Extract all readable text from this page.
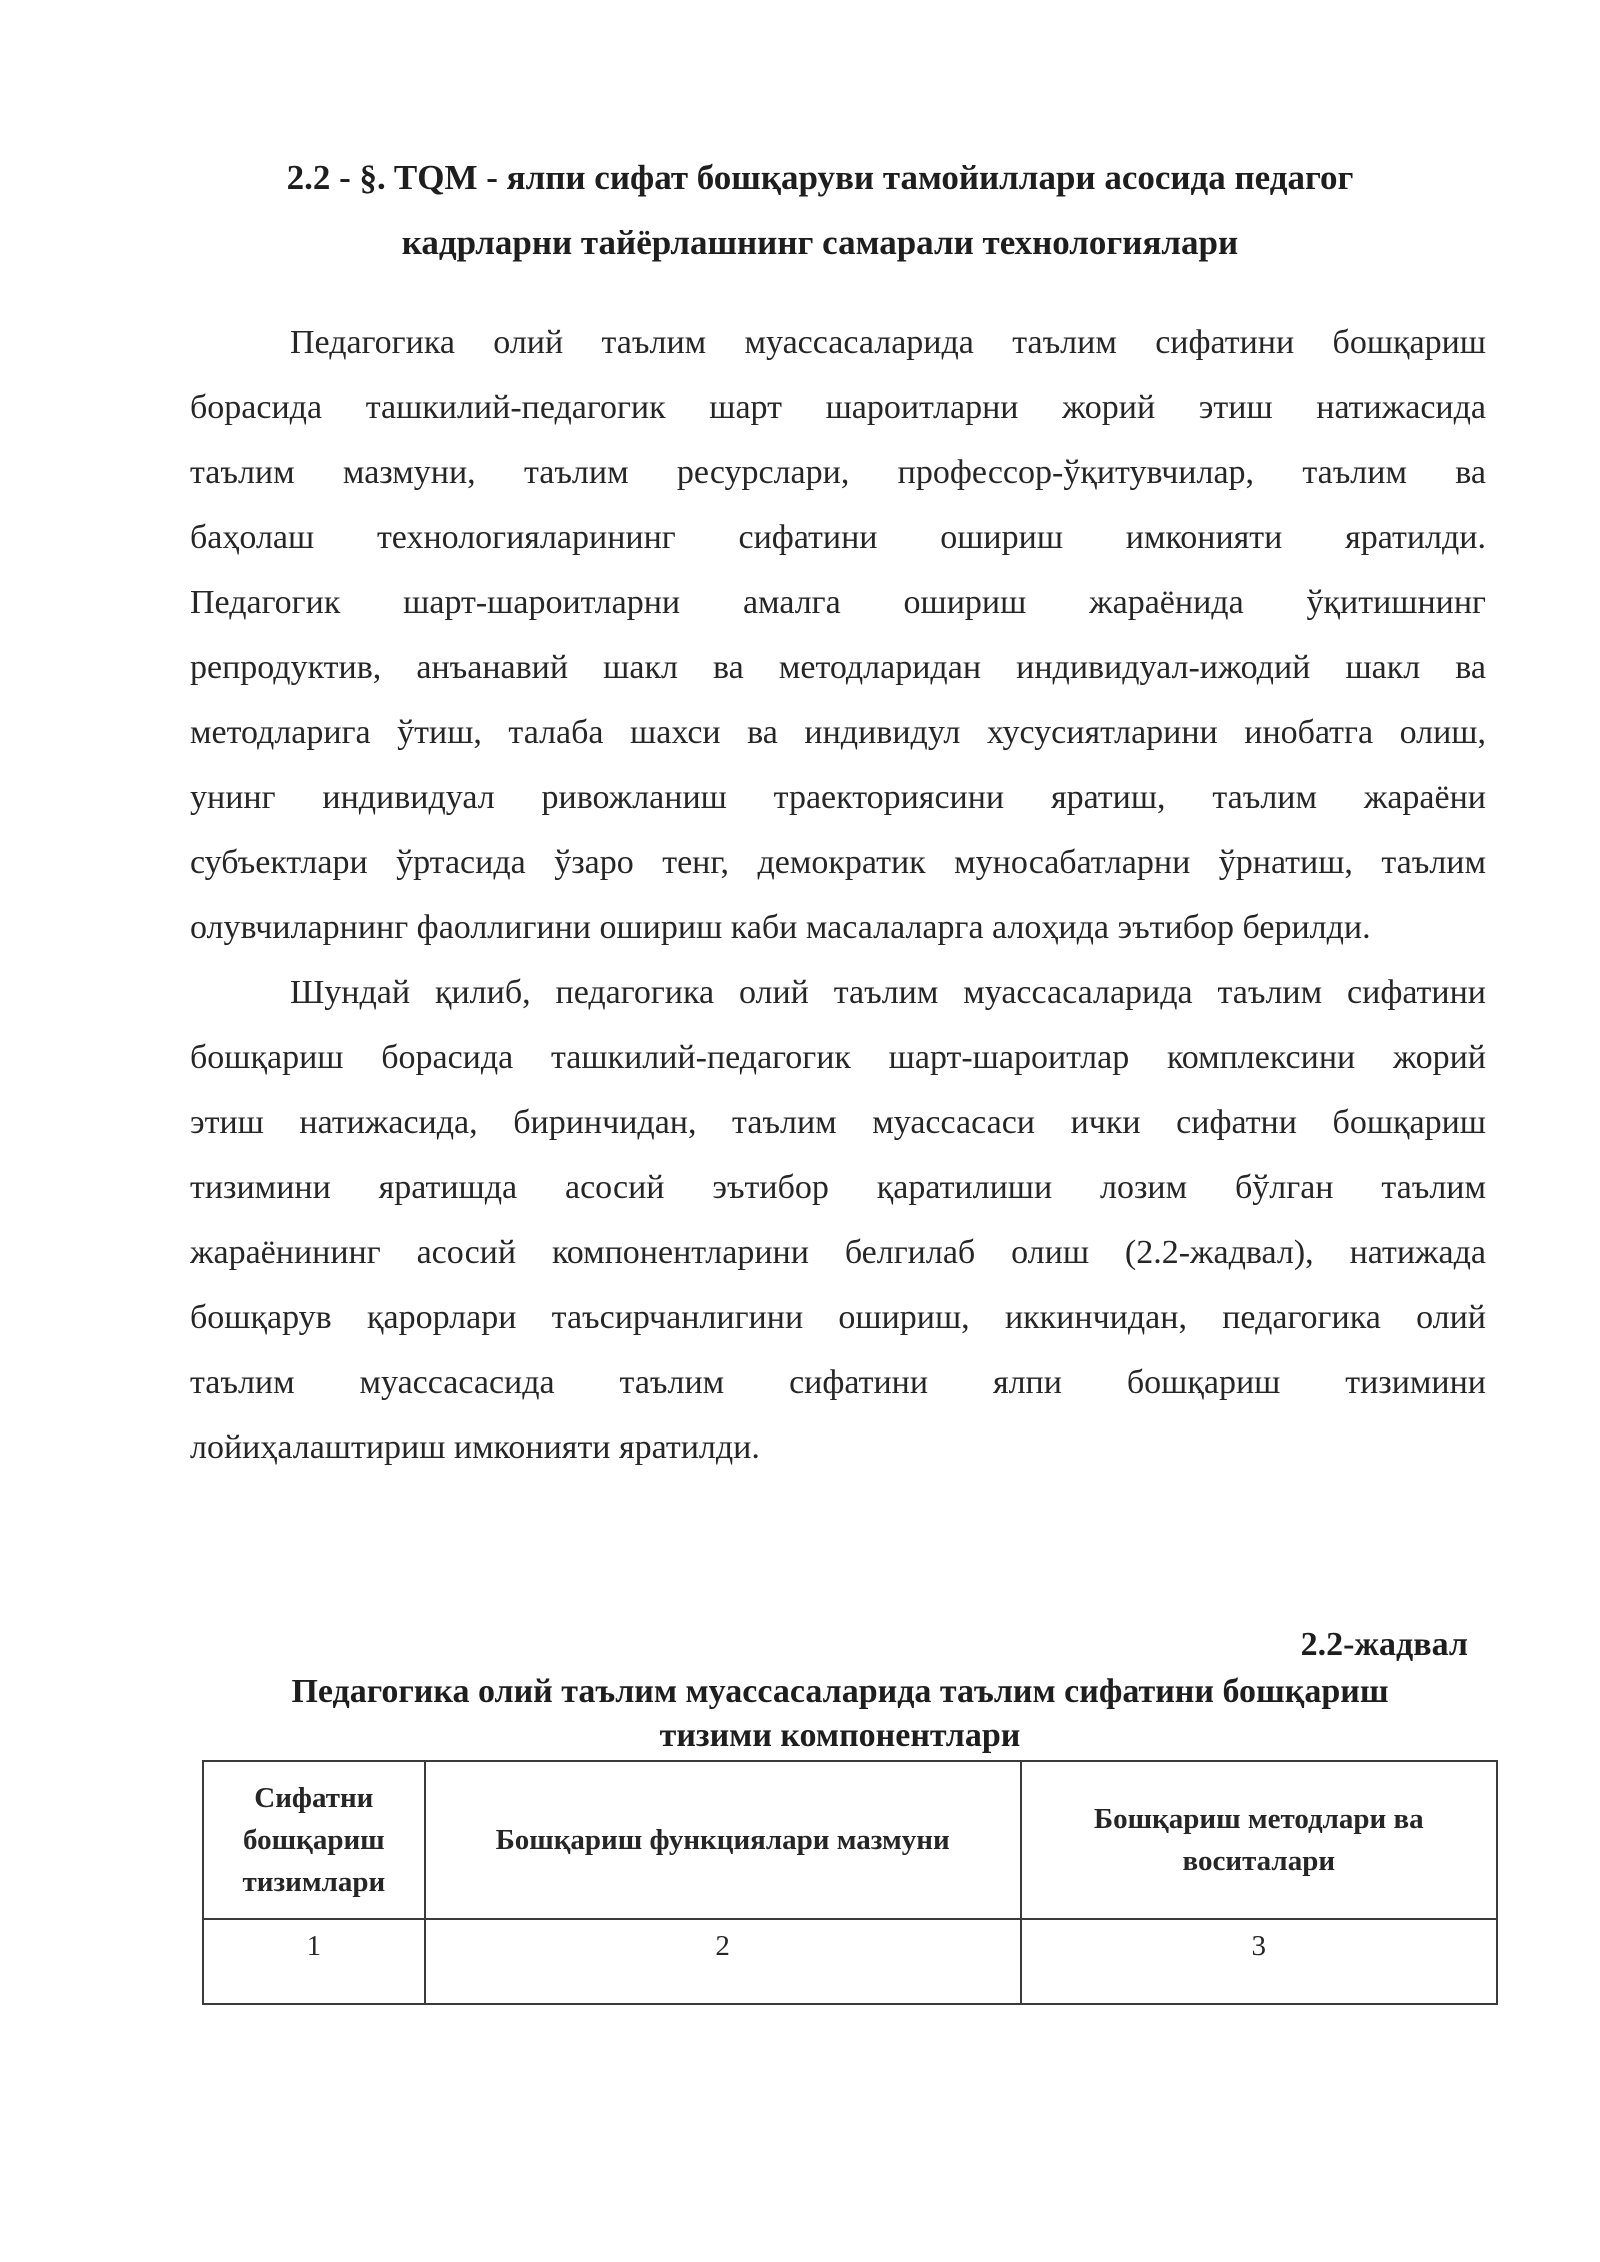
2.2 - §. TQM - ялпи сифат бошқаруви тамойиллари асосида педагог
кадрларни тайёрлашнинг самарали технологиялари
Педагогика олий таълим муассасаларида таълим сифатини бошқариш
борасида ташкилий-педагогик шарт шароитларни жорий этиш натижасида
таълим мазмуни, таълим ресурслари, профессор-ўқитувчилар, таълим ва
баҳолаш технологияларининг сифатини ошириш имконияти яратилди.
Педагогик шарт-шароитларни амалга ошириш жараёнида ўқитишнинг
репродуктив, анъанавий шакл ва методларидан индивидуал-ижодий шакл ва
методларига ўтиш, талаба шахси ва индивидул хусусиятларини инобатга олиш,
унинг индивидуал ривожланиш траекториясини яратиш, таълим жараёни
субъектлари ўртасида ўзаро тенг, демократик муносабатларни ўрнатиш, таълим
олувчиларнинг фаоллигини ошириш каби масалаларга алоҳида эътибор берилди.
Шундай қилиб, педагогика олий таълим муассасаларида таълим сифатини
бошқариш борасида ташкилий-педагогик шарт-шароитлар комплексини жорий
этиш натижасида, биринчидан, таълим муассасаси ички сифатни бошқариш
тизимини яратишда асосий эътибор қаратилиши лозим бўлган таълим
жараёнининг асосий компонентларини белгилаб олиш (2.2-жадвал), натижада
бошқарув қарорлари таъсирчанлигини ошириш, иккинчидан, педагогика олий
таълим муассасасида таълим сифатини ялпи бошқариш тизимини
лойиҳалаштириш имконияти яратилди.
2.2-жадвал
Педагогика олий таълим муассасаларида таълим сифатини бошқариш
тизими компонентлари
Сифатни бошқариш тизимлари	Бошқариш функциялари мазмуни	Бошқариш методлари ва воситалари
1	2	3
